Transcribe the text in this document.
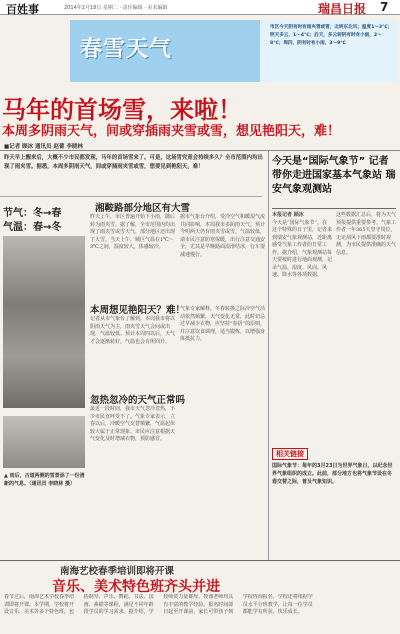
百姓事	2014年2月18日 星期二 · 责任编辑 · 美术编辑	瑞昌日报 7
春雪天气
市区今天阴有时有雨夹雪或雪，北转东北风；温度1～3℃；明天多云，1～4℃；后天，多云转阴有时有小雨，2～8℃；周四，阴有时有小雨，3～9℃
马年的首场雪，来啦！
本周多阴雨天气，间或穿插雨夹雪或雪，想见艳阳天，难！
■记者 顾冰 通讯员 赵蕾 李晓林
昨天早上醒来后，大概不少市民都发现，马年的首场雪来了。可是，这场雪究竟会持续多久？全市范围内均出现了雨夹雪。据悉，本周多阴雨天气，间或穿插雨夹雪或雪，想要见到艳阳天，难！
节气：冬→春
气温：春→冬
▲ 雨后，古道两侧的雪景添了一份清新的气息。（通讯员 李晓林 摄）
湘鞍路部分地区有大雪
昨天上午，市区普遍开始下小雨，随后转为雨夹雪。据了解，全市范围内均出现了雨夹雪或雪天气，部分地区还出现了大雪。当天上午，城区气温在1℃～3℃之间，湿度较大，体感较冷。
据市气象台介绍，受冷空气和暖湿气流共同影响，本周我市多阴雨天气。预计今明两天仍有雨夹雪或雪，气温较低，请市民注意防寒保暖，出行注意交通安全，尤其是早晚路面湿滑结冰，行车要减速慢行。
本周想见艳阳天？难！
记者从市气象台了解到，本周我市将以阴雨天气为主，雨夹雪天气会间或出现，气温较低。预计本周四以后，天气才会逐渐转好，气温也会有所回升。
忽热忽冷的天气正常吗
最近一段时间，我市天气忽冷忽热，不少市民直呼受不了。气象专家表示，立春以后，冷暖空气交替频繁，气温起伏较大属于正常现象。市民应注意根据天气变化及时增减衣物，预防感冒。
气象专家解释，冬春转换之际冷空气活动依然频繁，天气变化无常，此时切忌过早减少衣物，应坚持“春捂”的原则，并注意饮食调理，适当锻炼，以增强身体抵抗力。
今天是“国际气象节” 记者带你走进国家基本气象站 瑞安气象观测站
本报记者 顾冰
今天是“国际气象节”。在这个特殊的日子里，记者来到瑞安气象观测站，近距离感受气象工作者的日常工作。据介绍，气象观测站每天要按时进行地面观测，记录气温、湿度、风向、风速、降水等各项数据。
这些数据汇总后，将为天气预报提供重要参考。气象工作者一年365天坚守岗位，无论刮风下雨都要准时观测，为市民提供准确的天气信息。
相关链接
国际气象节：每年的3月23日为世界气象日，以纪念世界气象组织的成立。此前，部分地方也将气象节设在冬春交替之际，普及气象知识。
南海艺校春季培训即将开课
音乐、美术特色班齐头并进
春节过后，南海艺术学校春季培训即将开课。本学期，学校将开设音乐、美术等多个特色班，包括钢琴、声乐、舞蹈、书法、国画、素描等课程，满足不同年龄段学员的学习需求。据介绍，学校师资力量雄厚，授课老师均具有丰富的教学经验。报名时间即日起至开课前，家长可带孩子到学校咨询报名。学校还将根据学员水平分班教学，让每一位学员都能学有所获、快乐成长。
